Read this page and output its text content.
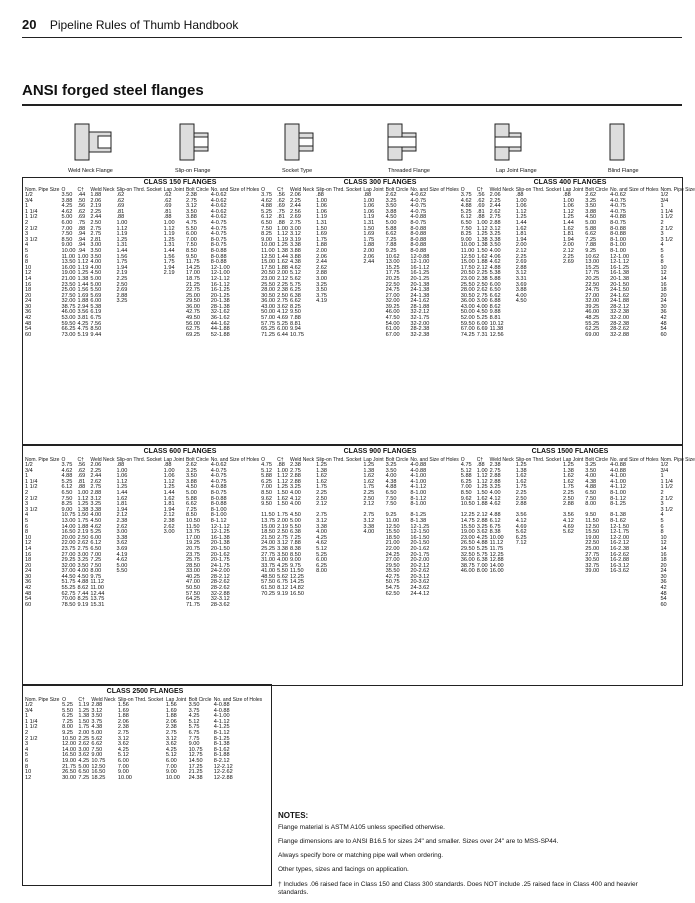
20 Pipeline Rules of Thumb Handbook
ANSI forged steel flanges
Weld Neck Flange	Slip-on Flange	Socket Type	Threaded Flange	Lap Joint Flange	Blind Flange
CLASS 150 FLANGES	CLASS 300 FLANGES	CLASS 400 FLANGES
Nom. Pipe Size	O	C†	Weld Neck	Slip-on Thrd. Socket	Lap Joint	Bolt Circle	No. and Size of Holes	O	C†	Weld Neck	Slip-on Thrd. Socket	Lap Joint	Bolt Circle	No. and Size of Holes	O	C†	Weld Neck	Slip-on Thrd. Socket	Lap Joint	Bolt Circle	No. and Size of Holes	Nom. Pipe Size
1/2	3.50	.44	1.88	.62	.62	2.38	4-0.62	3.75	.56	2.06	.88	.88	2.62	4-0.62	3.75	.56	2.06	.88	.88	2.62	4-0.62	1/2
3/4	3.88	.50	2.06	.62	.62	2.75	4-0.62	4.62	.62	2.25	1.00	1.00	3.25	4-0.75	4.62	.62	2.25	1.00	1.00	3.25	4-0.75	3/4
1	4.25	.56	2.19	.69	.69	3.12	4-0.62	4.88	.69	2.44	1.06	1.06	3.50	4-0.75	4.88	.69	2.44	1.06	1.06	3.50	4-0.75	1
1 1/4	4.62	.62	2.25	.81	.81	3.50	4-0.62	5.25	.75	2.56	1.06	1.06	3.88	4-0.75	5.25	.81	2.62	1.12	1.12	3.88	4-0.75	1 1/4
1 1/2	5.00	.69	2.44	.88	.88	3.88	4-0.62	6.12	.81	2.69	1.19	1.19	4.50	4-0.88	6.12	.88	2.75	1.25	1.25	4.50	4-0.88	1 1/2
2	6.00	.75	2.50	1.00	1.00	4.75	4-0.75	6.50	.88	2.75	1.31	1.31	5.00	8-0.75	6.50	1.00	2.88	1.44	1.44	5.00	8-0.75	2
2 1/2	7.00	.88	2.75	1.12	1.12	5.50	4-0.75	7.50	1.00	3.00	1.50	1.50	5.88	8-0.88	7.50	1.12	3.12	1.62	1.62	5.88	8-0.88	2 1/2
3	7.50	.94	2.75	1.19	1.19	6.00	4-0.75	8.25	1.12	3.12	1.69	1.69	6.62	8-0.88	8.25	1.25	3.25	1.81	1.81	6.62	8-0.88	3
3 1/2	8.50	.94	2.81	1.25	1.25	7.00	8-0.75	9.00	1.19	3.19	1.75	1.75	7.25	8-0.88	9.00	1.38	3.38	1.94	1.94	7.25	8-1.00	3 1/2
4	9.00	.94	3.00	1.31	1.31	7.50	8-0.75	10.00	1.25	3.38	1.88	1.88	7.88	8-0.88	10.00	1.38	3.50	2.00	2.00	7.88	8-1.00	4
5	10.00	.94	3.50	1.44	1.44	8.50	8-0.88	11.00	1.38	3.88	2.00	2.00	9.25	8-0.88	11.00	1.50	4.00	2.12	2.12	9.25	8-1.00	5
6	11.00	1.00	3.50	1.56	1.56	9.50	8-0.88	12.50	1.44	3.88	2.06	2.06	10.62	12-0.88	12.50	1.62	4.06	2.25	2.25	10.62	12-1.00	6
8	13.50	1.12	4.00	1.75	1.75	11.75	8-0.88	15.00	1.62	4.38	2.44	2.44	13.00	12-1.00	15.00	1.88	4.62	2.69	2.69	13.00	12-1.12	8
10	16.00	1.19	4.00	1.94	1.94	14.25	12-1.00	17.50	1.88	4.62	2.62		15.25	16-1.12	17.50	2.12	4.88	2.88		15.25	16-1.25	10
12	19.00	1.25	4.50	2.19	2.19	17.00	12-1.00	20.50	2.00	5.12	2.88		17.75	16-1.25	20.50	2.25	5.38	3.12		17.75	16-1.38	12
14	21.00	1.38	5.00	2.25		18.75	12-1.12	23.00	2.12	5.62	3.00		20.25	20-1.25	23.00	2.38	5.88	3.31		20.25	20-1.38	14
16	23.50	1.44	5.00	2.50		21.25	16-1.12	25.50	2.25	5.75	3.25		22.50	20-1.38	25.50	2.50	6.00	3.69		22.50	20-1.50	16
18	25.00	1.56	5.50	2.69		22.75	16-1.25	28.00	2.38	6.25	3.50		24.75	24-1.38	28.00	2.62	6.50	3.88		24.75	24-1.50	18
20	27.50	1.69	5.69	2.88		25.00	20-1.25	30.50	2.50	6.38	3.75		27.00	24-1.38	30.50	2.75	6.62	4.00		27.00	24-1.62	20
24	32.00	1.88	6.00	3.25		29.50	20-1.38	36.00	2.75	6.62	4.19		32.00	24-1.62	36.00	3.00	6.88	4.50		32.00	24-1.88	24
30	38.75	2.94	5.38			36.00	28-1.38	43.00	3.62	8.25			39.25	28-1.88	43.00	4.00	8.62			39.25	28-2.12	30
36	46.00	3.56	6.19			42.75	32-1.62	50.00	4.12	9.50			46.00	32-2.12	50.00	4.50	9.88			46.00	32-2.38	36
42	53.00	3.81	6.75			49.50	36-1.62	57.00	4.69	7.88			47.50	32-1.75	52.00	5.25	8.81			48.25	32-2.00	42
48	59.50	4.25	7.56			56.00	44-1.62	57.75	5.25	8.81			54.00	32-2.00	59.50	6.00	10.12			55.25	28-2.38	48
54	66.25	4.75	8.50			62.75	44-1.88	65.25	6.00	9.94			61.00	28-2.38	67.00	6.69	11.38			62.25	28-2.62	54
60	73.00	5.19	9.44			69.25	52-1.88	71.25	6.44	10.75			67.00	32-2.38	74.25	7.31	12.56			69.00	32-2.88	60
CLASS 600 FLANGES	CLASS 900 FLANGES	CLASS 1500 FLANGES
Nom. Pipe Size	O	C†	Weld Neck	Slip-on Thrd. Socket	Lap Joint	Bolt Circle	No. and Size of Holes	O	C†	Weld Neck	Slip-on Thrd. Socket	Lap Joint	Bolt Circle	No. and Size of Holes	O	C†	Weld Neck	Slip-on Thrd. Socket	Lap Joint	Bolt Circle	No. and Size of Holes	Nom. Pipe Size
1/2	3.75	.56	2.06	.88	.88	2.62	4-0.62	4.75	.88	2.38	1.25	1.25	3.25	4-0.88	4.75	.88	2.38	1.25	1.25	3.25	4-0.88	1/2
3/4	4.62	.62	2.25	1.00	1.00	3.25	4-0.75	5.12	1.00	2.75	1.38	1.38	3.50	4-0.88	5.12	1.00	2.75	1.38	1.38	3.50	4-0.88	3/4
1	4.88	.69	2.44	1.06	1.06	3.50	4-0.75	5.88	1.12	2.88	1.62	1.62	4.00	4-1.00	5.88	1.12	2.88	1.62	1.62	4.00	4-1.00	1
1 1/4	5.25	.81	2.62	1.12	1.12	3.88	4-0.75	6.25	1.12	2.88	1.62	1.62	4.38	4-1.00	6.25	1.12	2.88	1.62	1.62	4.38	4-1.00	1 1/4
1 1/2	6.12	.88	2.75	1.25	1.25	4.50	4-0.88	7.00	1.25	3.25	1.75	1.75	4.88	4-1.12	7.00	1.25	3.25	1.75	1.75	4.88	4-1.12	1 1/2
2	6.50	1.00	2.88	1.44	1.44	5.00	8-0.75	8.50	1.50	4.00	2.25	2.25	6.50	8-1.00	8.50	1.50	4.00	2.25	2.25	6.50	8-1.00	2
2 1/2	7.50	1.12	3.12	1.62	1.62	5.88	8-0.88	9.62	1.62	4.12	2.50	2.50	7.50	8-1.12	9.62	1.62	4.12	2.50	2.50	7.50	8-1.12	2 1/2
3	8.25	1.25	3.25	1.81	1.81	6.62	8-0.88	9.50	1.50	4.00	2.12	2.12	7.50	8-1.00	10.50	1.88	4.62	2.88	2.88	8.00	8-1.25	3
3 1/2	9.00	1.38	3.38	1.94	1.94	7.25	8-1.00															3 1/2
4	10.75	1.50	4.00	2.12	2.12	8.50	8-1.00	11.50	1.75	4.50	2.75	2.75	9.25	8-1.25	12.25	2.12	4.88	3.56	3.56	9.50	8-1.38	4
5	13.00	1.75	4.50	2.38	2.38	10.50	8-1.12	13.75	2.00	5.00	3.12	3.12	11.00	8-1.38	14.75	2.88	6.12	4.12	4.12	11.50	8-1.62	5
6	14.00	1.88	4.62	2.62	2.62	11.50	12-1.12	15.00	2.19	5.50	3.38	3.38	12.50	12-1.25	15.50	3.25	6.75	4.69	4.69	12.50	12-1.50	6
8	16.50	2.19	5.25	3.00	3.00	13.75	12-1.25	18.50	2.50	6.38	4.00	4.00	15.50	12-1.50	19.00	3.62	8.38	5.62	5.62	15.50	12-1.75	8
10	20.00	2.50	6.00	3.38		17.00	16-1.38	21.50	2.75	7.25	4.25		18.50	16-1.50	23.00	4.25	10.00	6.25		19.00	12-2.00	10
12	22.00	2.62	6.12	3.62		19.25	20-1.38	24.00	3.12	7.88	4.62		21.00	20-1.50	26.50	4.88	11.12	7.12		22.50	16-2.12	12
14	23.75	2.75	6.50	3.69		20.75	20-1.50	25.25	3.38	8.38	5.12		22.00	20-1.62	29.50	5.25	11.75			25.00	16-2.38	14
16	27.00	3.00	7.00	4.19		23.75	20-1.62	27.75	3.50	8.50	5.25		24.25	20-1.75	32.50	5.75	12.25			27.75	16-2.62	16
18	29.25	3.25	7.25	4.62		25.75	20-1.75	31.00	4.00	9.00	6.00		27.00	20-2.00	36.00	6.38	12.88			30.50	16-2.88	18
20	32.00	3.50	7.50	5.00		28.50	24-1.75	33.75	4.25	9.75	6.25		29.50	20-2.12	38.75	7.00	14.00			32.75	16-3.12	20
24	37.00	4.00	8.00	5.50		33.00	24-2.00	41.00	5.50	11.50	8.00		35.50	20-2.62	46.00	8.00	16.00			39.00	16-3.62	24
30	44.50	4.50	9.75			40.25	28-2.12	48.50	5.62	12.25			42.75	20-3.12								30
36	51.75	4.88	11.12			47.00	28-2.62	57.50	6.75	14.25			50.75	20-3.62								36
42	55.25	8.62	11.00			50.50	28-2.62	61.50	8.12	14.82			54.75	24-3.62								42
48	62.75	7.44	12.44			57.50	32-2.88	70.25	9.19	16.50			62.50	24-4.12								48
54	70.00	8.25	13.75			64.25	32-3.12															54
60	78.50	9.19	15.31			71.75	28-3.62															60
CLASS 2500 FLANGES
Nom. Pipe Size	O	C†	Weld Neck	Slip-on Thrd. Socket	Lap Joint	Bolt Circle	No. and Size of Holes
1/2	5.25	1.19	2.88	1.56	1.56	3.50	4-0.88
3/4	5.50	1.25	3.12	1.69	1.69	3.75	4-0.88
1	6.25	1.38	3.50	1.88	1.88	4.25	4-1.00
1 1/4	7.25	1.50	3.75	2.06	2.06	5.12	4-1.12
1 1/2	8.00	1.75	4.38	2.38	2.38	5.75	4-1.25
2	9.25	2.00	5.00	2.75	2.75	6.75	8-1.12
2 1/2	10.50	2.25	5.62	3.12	3.12	7.75	8-1.25
3	12.00	2.62	6.62	3.62	3.62	9.00	8-1.38
4	14.00	3.00	7.50	4.25	4.25	10.75	8-1.62
5	16.50	3.62	9.00	5.12	5.12	12.75	8-1.88
6	19.00	4.25	10.75	6.00	6.00	14.50	8-2.12
8	21.75	5.00	12.50	7.00	7.00	17.25	12-2.12
10	26.50	6.50	16.50	9.00	9.00	21.25	12-2.62
12	30.00	7.25	18.25	10.00	10.00	24.38	12-2.88
NOTES:

Flange material is ASTM A105 unless specified otherwise.

Flange dimensions are to ANSI B16.5 for sizes 24" and smaller. Sizes over 24" are to MSS-SP44.

Always specify bore or matching pipe wall when ordering.

Other types, sizes and facings on application.

† Includes .06 raised face in Class 150 and Class 300 standards. Does NOT include .25 raised face in Class 400 and heavier standards.
